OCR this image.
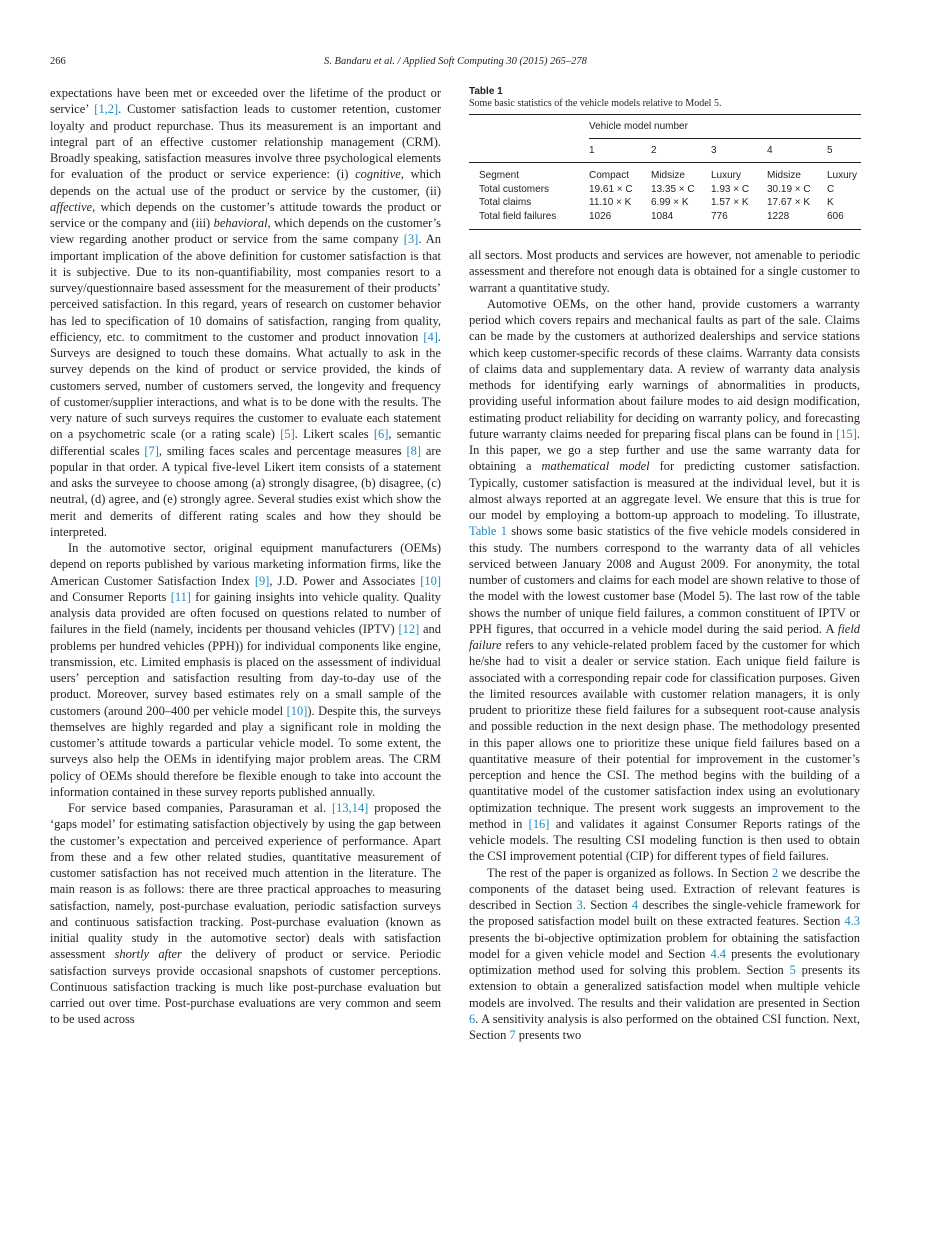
266	S. Bandaru et al. / Applied Soft Computing 30 (2015) 265–278

expectations have been met or exceeded over the lifetime of the product or service’ [1,2]. Customer satisfaction leads to customer retention, customer loyalty and product repurchase. Thus its measurement is an important and integral part of an effective customer relationship management (CRM). Broadly speaking, satisfaction measures involve three psychological elements for evaluation of the product or service experience: (i) cognitive, which depends on the actual use of the product or service by the customer, (ii) affective, which depends on the customer’s attitude towards the product or service or the company and (iii) behavioral, which depends on the customer’s view regarding another product or service from the same company [3]. An important implication of the above definition for customer satisfaction is that it is subjective. Due to its non-quantifiability, most companies resort to a survey/questionnaire based assessment for the measurement of their products’ perceived satisfaction. In this regard, years of research on customer behavior has led to specification of 10 domains of satisfaction, ranging from quality, efficiency, etc. to commitment to the customer and product innovation [4]. Surveys are designed to touch these domains. What actually to ask in the survey depends on the kind of product or service provided, the kinds of customers served, number of customers served, the longevity and frequency of customer/supplier interactions, and what is to be done with the results. The very nature of such surveys requires the customer to evaluate each statement on a psychometric scale (or a rating scale) [5]. Likert scales [6], semantic differential scales [7], smiling faces scales and percentage measures [8] are popular in that order. A typical five-level Likert item consists of a statement and asks the surveyee to choose among (a) strongly disagree, (b) disagree, (c) neutral, (d) agree, and (e) strongly agree. Several studies exist which show the merit and demerits of different rating scales and how they should be interpreted.

In the automotive sector, original equipment manufacturers (OEMs) depend on reports published by various marketing information firms, like the American Customer Satisfaction Index [9], J.D. Power and Associates [10] and Consumer Reports [11] for gaining insights into vehicle quality. Quality analysis data provided are often focused on questions related to number of failures in the field (namely, incidents per thousand vehicles (IPTV) [12] and problems per hundred vehicles (PPH)) for individual components like engine, transmission, etc. Limited emphasis is placed on the assessment of individual users’ perception and satisfaction resulting from day-to-day use of the product. Moreover, survey based estimates rely on a small sample of the customers (around 200–400 per vehicle model [10]). Despite this, the surveys themselves are highly regarded and play a significant role in molding the customer’s attitude towards a particular vehicle model. To some extent, the surveys also help the OEMs in identifying major problem areas. The CRM policy of OEMs should therefore be flexible enough to take into account the information contained in these survey reports published annually.

For service based companies, Parasuraman et al. [13,14] proposed the ‘gaps model’ for estimating satisfaction objectively by using the gap between the customer’s expectation and perceived experience of performance. Apart from these and a few other related studies, quantitative measurement of customer satisfaction has not received much attention in the literature. The main reason is as follows: there are three practical approaches to measuring satisfaction, namely, post-purchase evaluation, periodic satisfaction surveys and continuous satisfaction tracking. Post-purchase evaluation (known as initial quality study in the automotive sector) deals with satisfaction assessment shortly after the delivery of product or service. Periodic satisfaction surveys provide occasional snapshots of customer perceptions. Continuous satisfaction tracking is much like post-purchase evaluation but carried out over time. Post-purchase evaluations are very common and seem to be used across

Table 1
Some basic statistics of the vehicle models relative to Model 5.
	Vehicle model number				
	1	2	3	4	5

Segment	Compact	Midsize	Luxury	Midsize	Luxury
Total customers	19.61 × C	13.35 × C	1.93 × C	30.19 × C	C
Total claims	11.10 × K	6.99 × K	1.57 × K	17.67 × K	K
Total field failures	1026	1084	776	1228	606

all sectors. Most products and services are however, not amenable to periodic assessment and therefore not enough data is obtained for a single customer to warrant a quantitative study.

Automotive OEMs, on the other hand, provide customers a warranty period which covers repairs and mechanical faults as part of the sale. Claims can be made by the customers at authorized dealerships and service stations which keep customer-specific records of these claims. Warranty data consists of claims data and supplementary data. A review of warranty data analysis methods for identifying early warnings of abnormalities in products, providing useful information about failure modes to aid design modification, estimating product reliability for deciding on warranty policy, and forecasting future warranty claims needed for preparing fiscal plans can be found in [15]. In this paper, we go a step further and use the same warranty data for obtaining a mathematical model for predicting customer satisfaction. Typically, customer satisfaction is measured at the individual level, but it is almost always reported at an aggregate level. We ensure that this is true for our model by employing a bottom-up approach to modeling. To illustrate, Table 1 shows some basic statistics of the five vehicle models considered in this study. The numbers correspond to the warranty data of all vehicles serviced between January 2008 and August 2009. For anonymity, the total number of customers and claims for each model are shown relative to those of the model with the lowest customer base (Model 5). The last row of the table shows the number of unique field failures, a common constituent of IPTV or PPH figures, that occurred in a vehicle model during the said period. A field failure refers to any vehicle-related problem faced by the customer for which he/she had to visit a dealer or service station. Each unique field failure is associated with a corresponding repair code for classification purposes. Given the limited resources available with customer relation managers, it is only prudent to prioritize these field failures for a subsequent root-cause analysis and possible reduction in the next design phase. The methodology presented in this paper allows one to prioritize these unique field failures based on a quantitative measure of their potential for improvement in the customer’s perception and hence the CSI. The method begins with the building of a quantitative model of the customer satisfaction index using an evolutionary optimization technique. The present work suggests an improvement to the method in [16] and validates it against Consumer Reports ratings of the vehicle models. The resulting CSI modeling function is then used to obtain the CSI improvement potential (CIP) for different types of field failures.

The rest of the paper is organized as follows. In Section 2 we describe the components of the dataset being used. Extraction of relevant features is described in Section 3. Section 4 describes the single-vehicle framework for the proposed satisfaction model built on these extracted features. Section 4.3 presents the bi-objective optimization problem for obtaining the satisfaction model for a given vehicle model and Section 4.4 presents the evolutionary optimization method used for solving this problem. Section 5 presents its extension to obtain a generalized satisfaction model when multiple vehicle models are involved. The results and their validation are presented in Section 6. A sensitivity analysis is also performed on the obtained CSI function. Next, Section 7 presents two
